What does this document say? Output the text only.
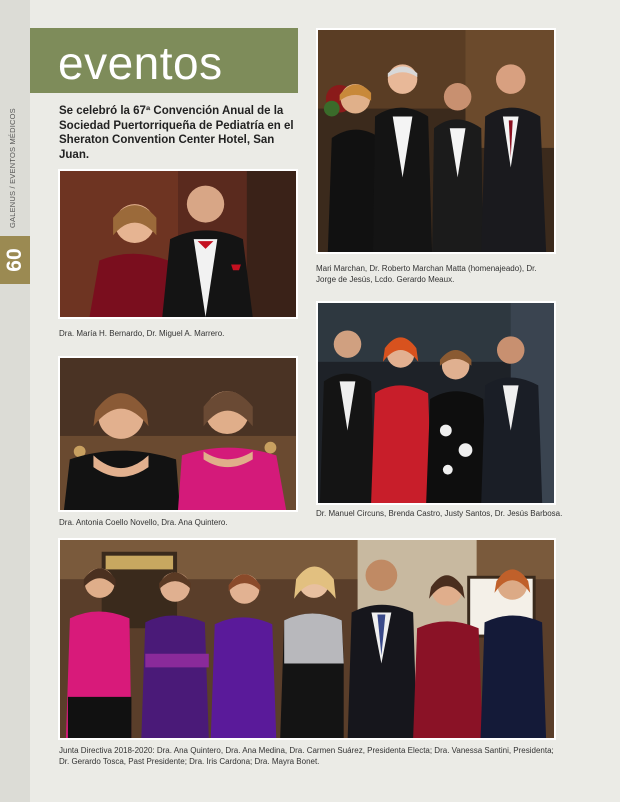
60
GALENUS / EVENTOS MÉDICOS
eventos
Se celebró la 67ª Convención Anual de la Sociedad Puertorriqueña de Pediatría en el Sheraton Convention Center Hotel, San Juan.
Mari Marchan, Dr. Roberto Marchan Matta (homenajeado), Dr. Jorge de Jesús, Lcdo. Gerardo Meaux.
Dra. María H. Bernardo, Dr. Miguel A. Marrero.
Dra. Antonia Coello Novello, Dra. Ana Quintero.
Dr. Manuel Circuns, Brenda Castro, Justy Santos, Dr. Jesús Barbosa.
Junta Directiva 2018-2020: Dra. Ana Quintero, Dra. Ana Medina, Dra. Carmen Suárez, Presidenta Electa; Dra. Vanessa Santini, Presidenta; Dr. Gerardo Tosca, Past Presidente; Dra. Iris Cardona; Dra. Mayra Bonet.
